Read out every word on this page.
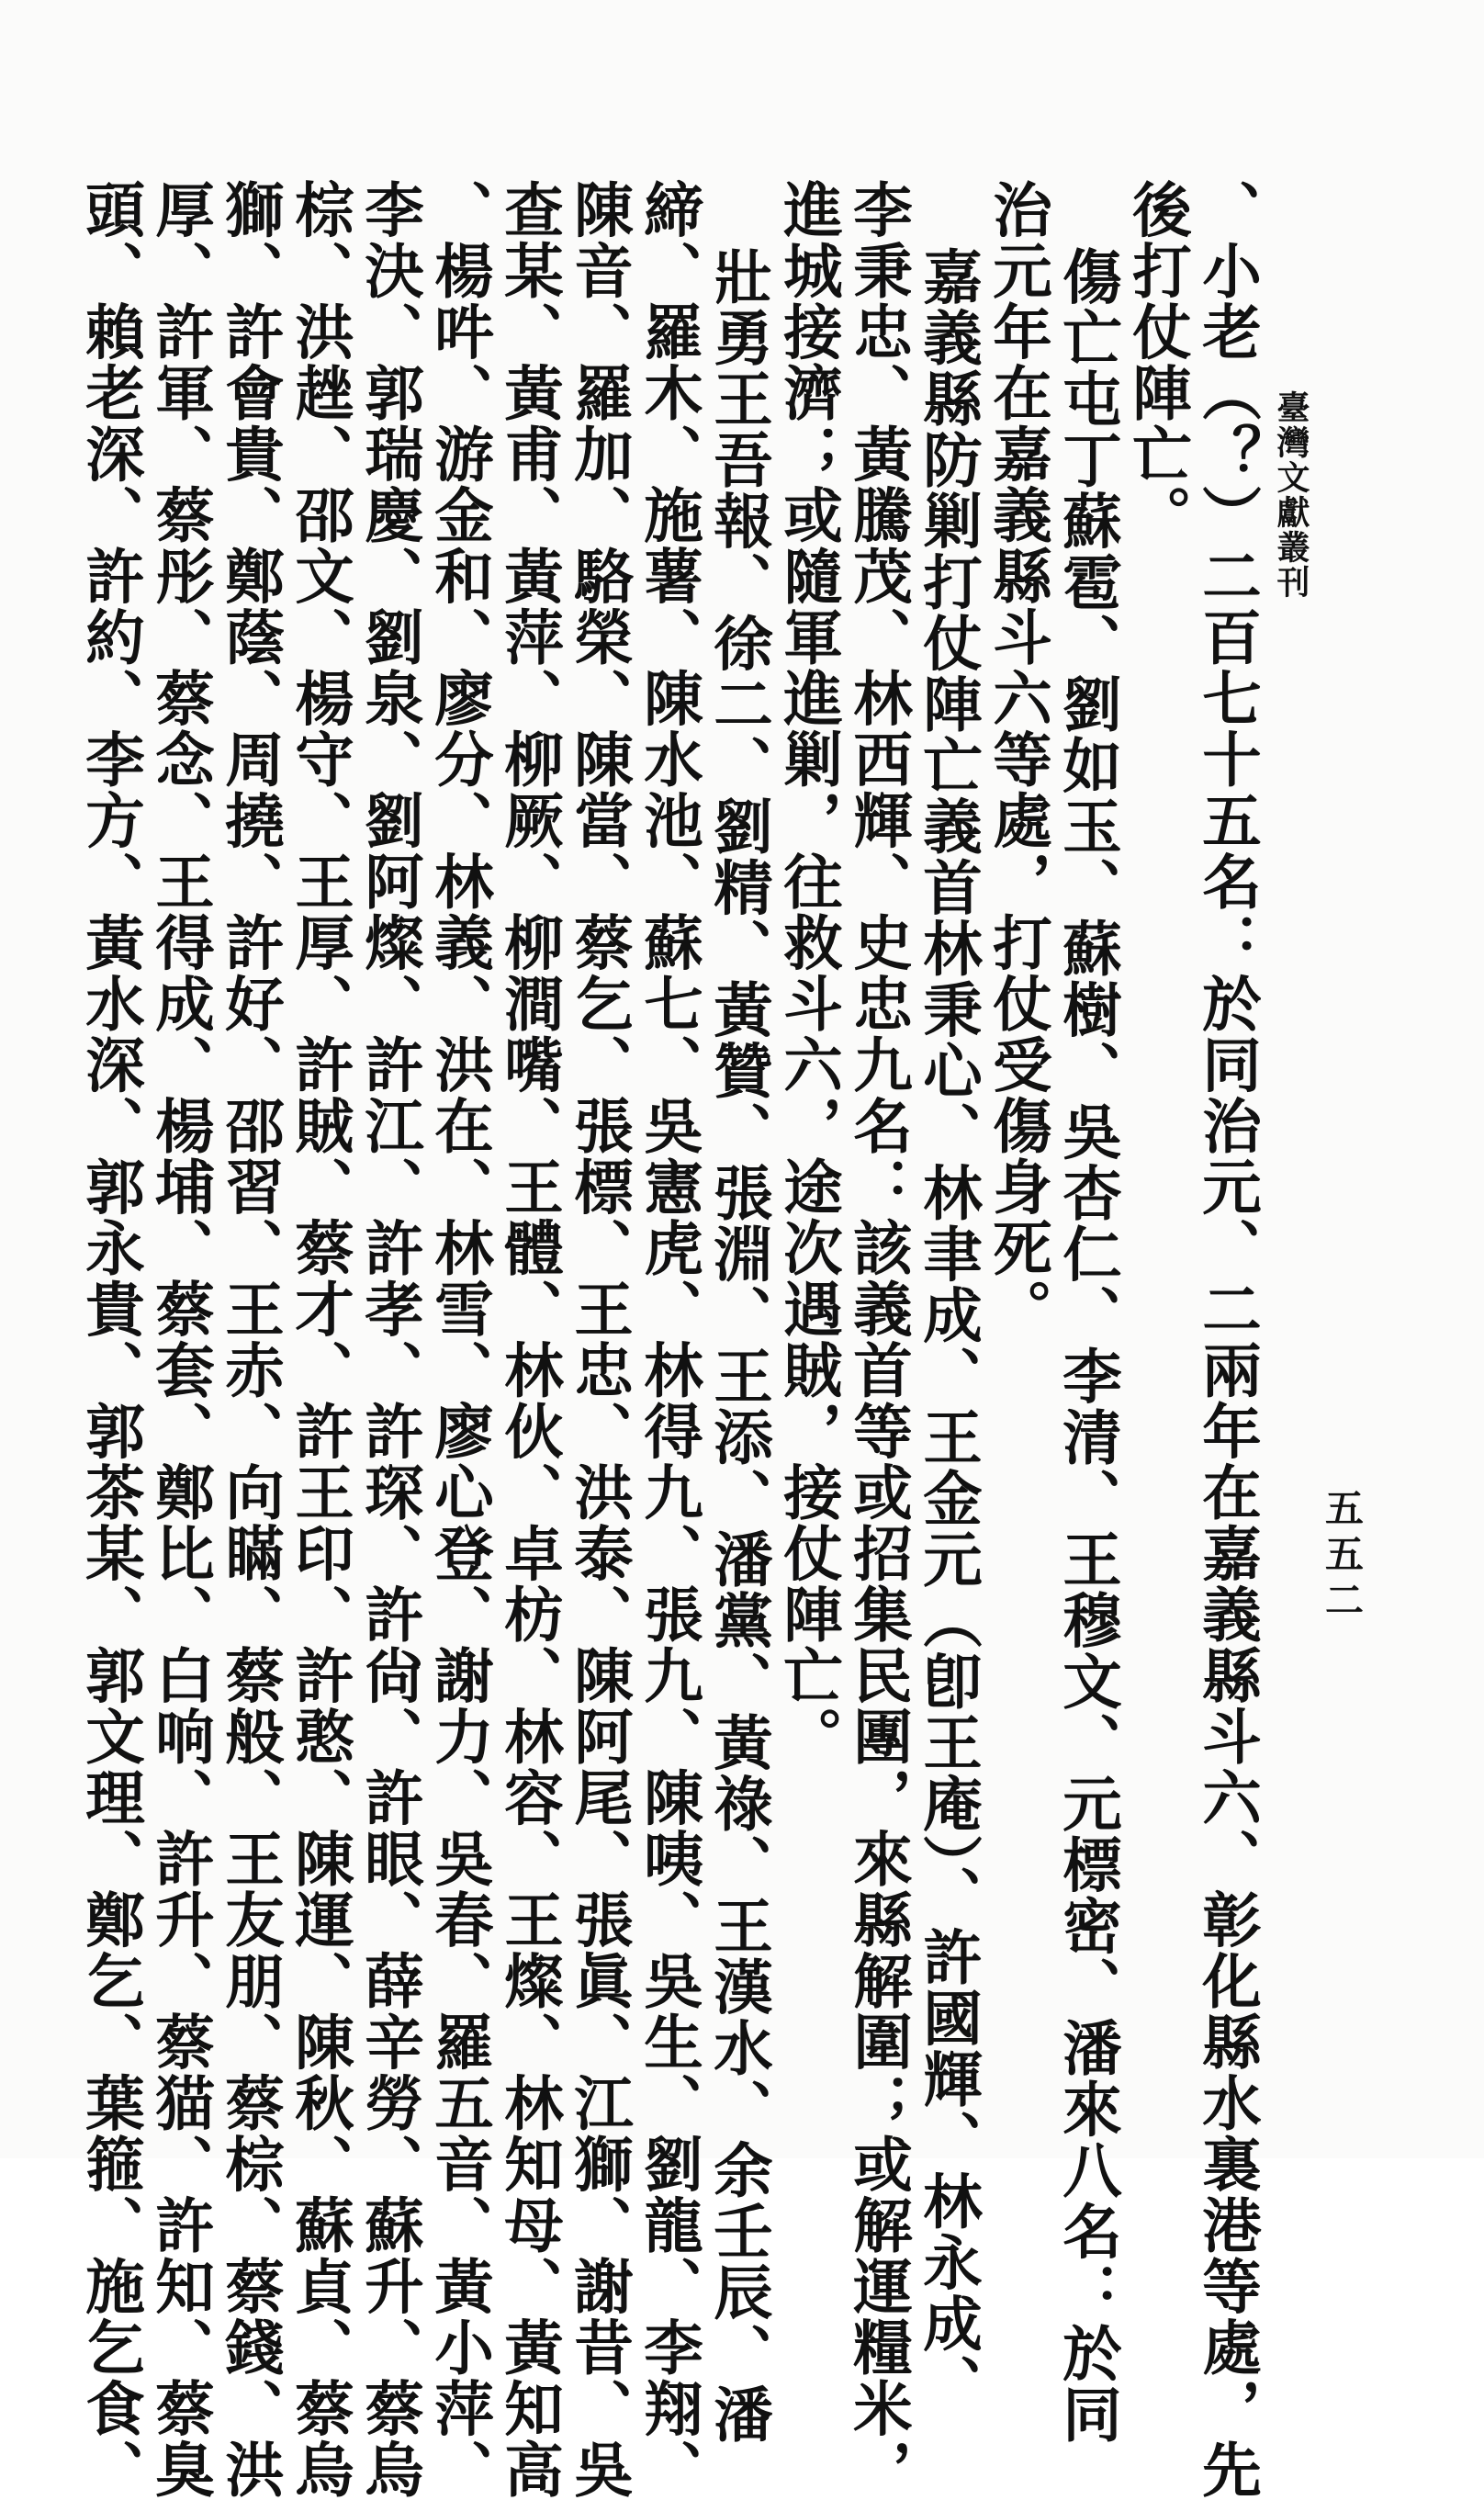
臺灣文獻叢刊
五五二
、小老（？）二百七十五名：於同治元、二兩年在嘉義縣斗六、彰化縣水裏港等處，先
後打仗陣亡。
傷亡屯丁蘇雹、劉如玉、蘇樹、吳杏仁、李清、王穆文、元標密、潘來八名：於同
治元年在嘉義縣斗六等處，打仗受傷身死。
嘉義縣防剿打仗陣亡義首林秉心、林聿成、王金元（卽王庵）、許國輝、林永成、
李秉忠、黃騰茂、林西輝、史忠九名：該義首等或招集民團，來縣解圍；或解運糧米，
進城接濟；或隨軍進剿，往救斗六，途次遇賊，接仗陣亡。
壯勇王吾報、徐二、劉精、黃贊、張淵、王添、潘黨、黃祿、王漢水、余壬辰、潘
締、羅木、施薯、陳水池、蘇七、吳憲虎、林得九、張九、陳咦、吳生、劉龍、李翔、
陳音、羅加、駱榮、陳當、蔡乞、張標、王忠、洪泰、陳阿尾、張眞、江獅、謝昔、吳
查某、黃甫、黃萍、柳厥、柳澗嘴、王體、林伙、卓枋、林容、王燦、林知母、黃知高
、楊吽、游金和、廖分、林義、洪在、林雪、廖心登、謝力、吳春、羅五音、黃小萍、
李決、郭瑞慶、劉泉、劉阿燦、許江、許孝、許琛、許尙、許眼、薛辛勞、蘇升、蔡烏
棕、洪趖、邵文、楊守、王厚、許賊、蔡才、許王印、許憨、陳運、陳秋、蘇貞、蔡烏
獅、許會貴、鄭蔭、周撓、許好、邵習、王赤、向瞞、蔡般、王友朋、蔡棕、蔡錢、洪
厚、許軍、蔡彤、蔡念、王得成、楊埔、蔡套、鄭比、白响、許升、蔡猫、許知、蔡臭
頭、賴老深、許約、李方、黃水深、郭永貴、郭茶某、郭文理、鄭乞、葉箍、施乞食、
